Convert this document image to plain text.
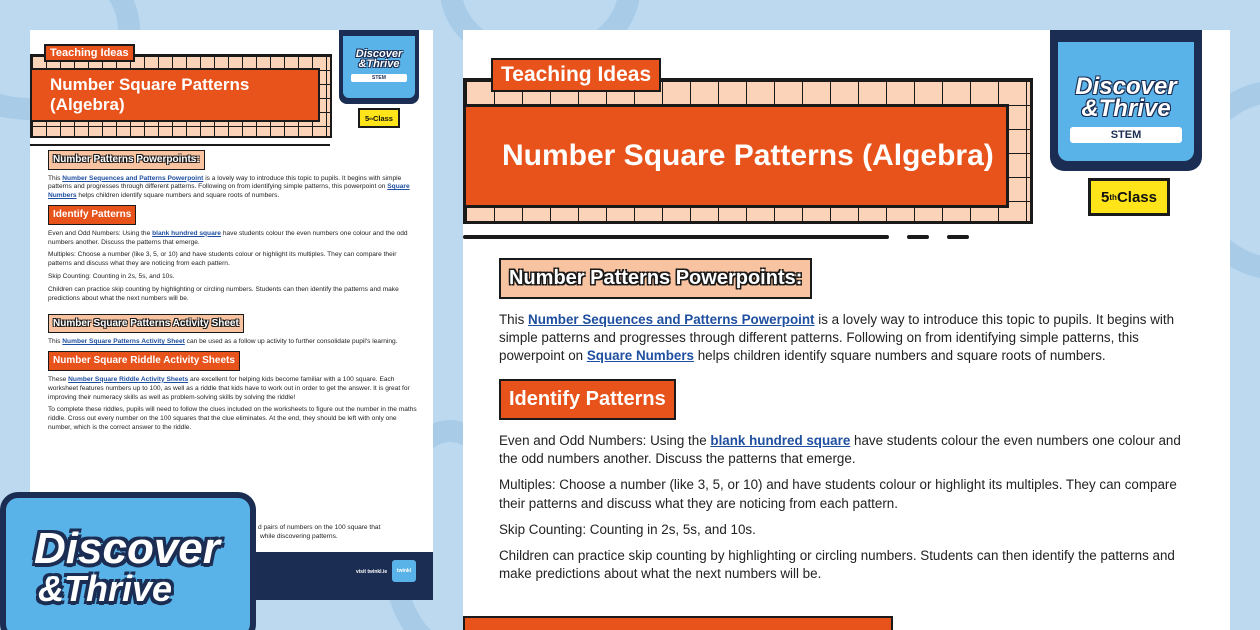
Teaching Ideas
Number Square Patterns (Algebra)
Discover
&Thrive
STEM
5 th Class
Number Patterns Powerpoints:

This Number Sequences and Patterns Powerpoint is a lovely way to introduce this topic to pupils. It begins with simple patterns and progresses through different patterns. Following on from identifying simple patterns, this powerpoint on Square Numbers helps children identify square numbers and square roots of numbers.

Identify Patterns

Even and Odd Numbers: Using the blank hundred square have students colour the even numbers one colour and the odd numbers another. Discuss the patterns that emerge.

Multiples: Choose a number (like 3, 5, or 10) and have students colour or highlight its multiples. They can compare their patterns and discuss what they are noticing from each pattern.

Skip Counting: Counting in 2s, 5s, and 10s.

Children can practice skip counting by highlighting or circling numbers. Students can then identify the patterns and make predictions about what the next numbers will be.

Number Square Patterns Activity Sheet

This Number Square Patterns Activity Sheet can be used as a follow up activity to further consolidate pupil's learning.

Number Square Riddle Activity Sheets

These Number Square Riddle Activity Sheets are excellent for helping kids become familiar with a 100 square. Each worksheet features numbers up to 100, as well as a riddle that kids have to work out in order to get the answer. It is great for improving their numeracy skills as well as problem-solving skills by solving the riddle!

To complete these riddles, pupils will need to follow the clues included on the worksheets to figure out the number in the maths riddle. Cross out every number on the 100 squares that the clue eliminates. At the end, they should be left with only one number, which is the correct answer to the riddle.

d pairs of numbers on the 100 square that
while discovering patterns.
visit twinkl.ie	twinkl
Teaching Ideas
Number Square Patterns (Algebra)
Discover
&Thrive
STEM
5 th Class
Number Patterns Powerpoints:

This Number Sequences and Patterns Powerpoint is a lovely way to introduce this topic to pupils. It begins with simple patterns and progresses through different patterns. Following on from identifying simple patterns, this powerpoint on Square Numbers helps children identify square numbers and square roots of numbers.

Identify Patterns

Even and Odd Numbers: Using the blank hundred square have students colour the even numbers one colour and the odd numbers another. Discuss the patterns that emerge.

Multiples: Choose a number (like 3, 5, or 10) and have students colour or highlight its multiples. They can compare their patterns and discuss what they are noticing from each pattern.

Skip Counting: Counting in 2s, 5s, and 10s.

Children can practice skip counting by highlighting or circling numbers. Students can then identify the patterns and make predictions about what the next numbers will be.

Discover
&Thrive
